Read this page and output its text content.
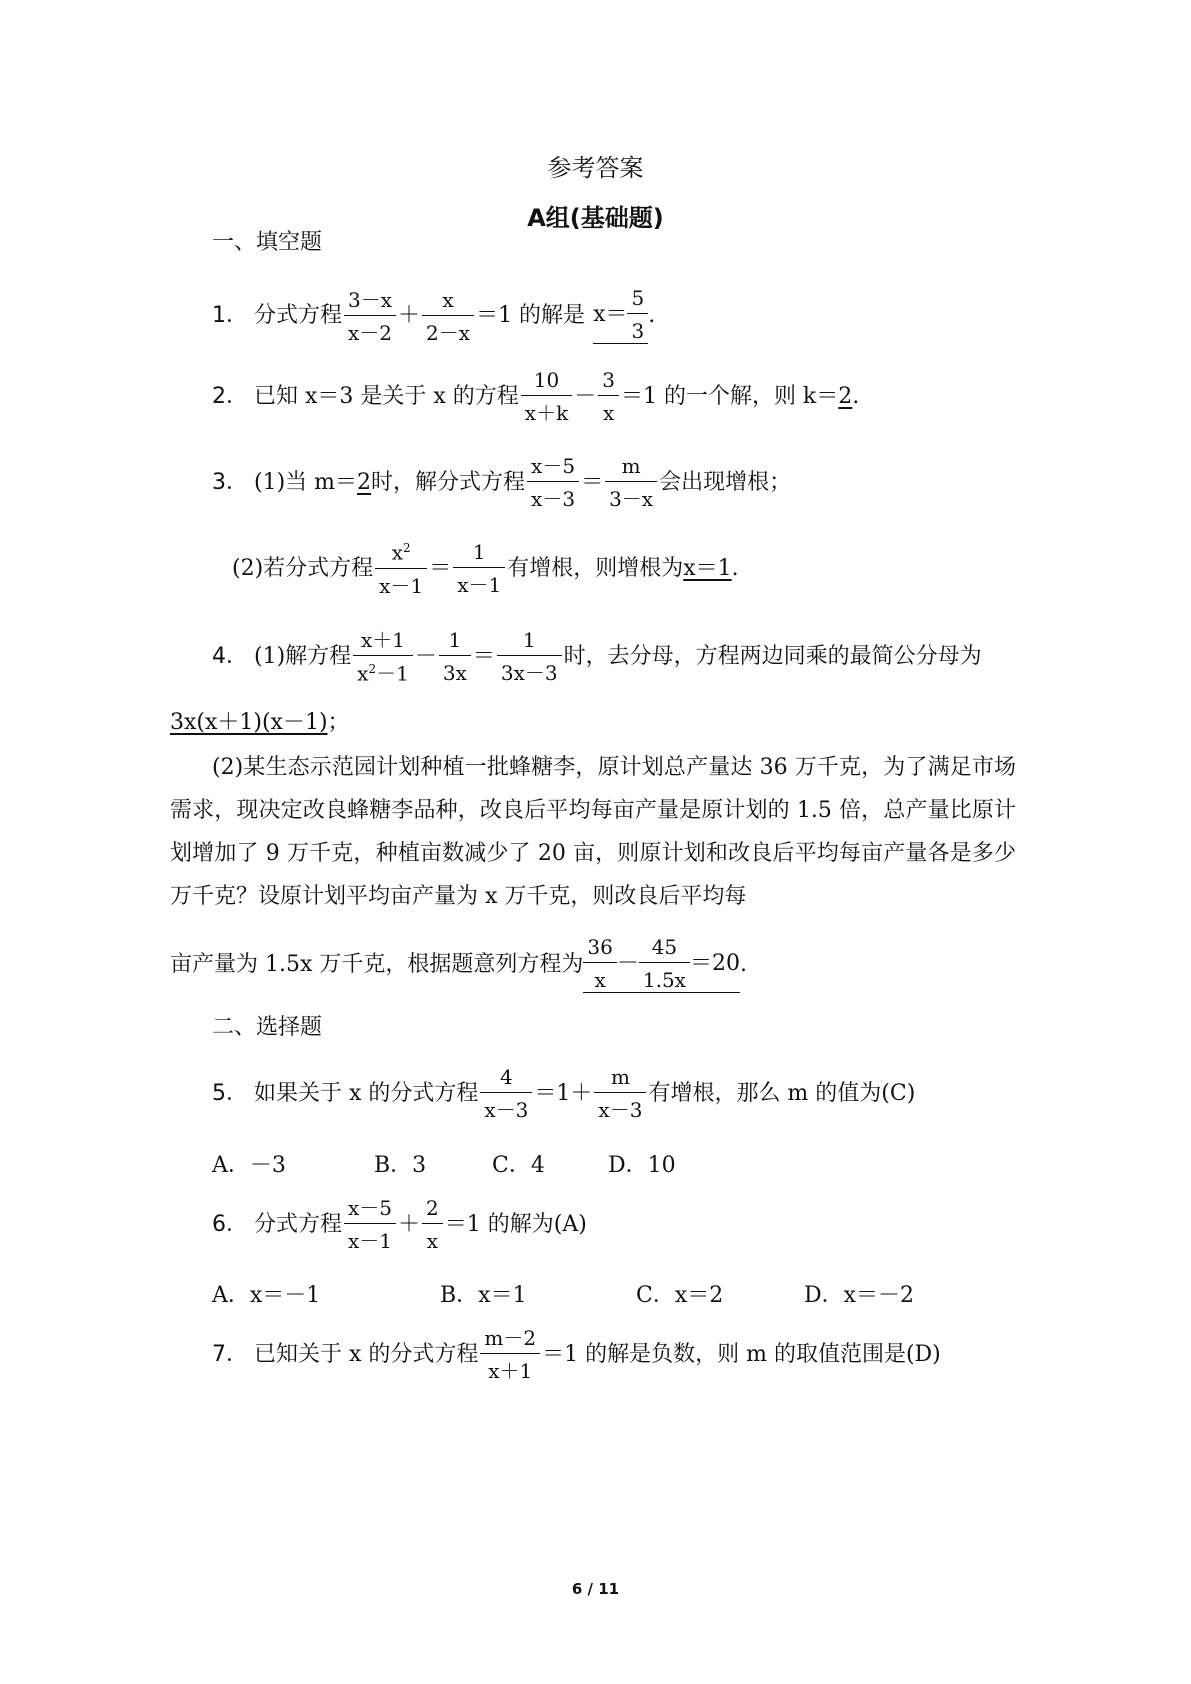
参考答案
A组(基础题)
一、填空题
1． 分式方程 $\frac{3-x}{x-2} + \frac{x}{2-x} =1$ 的解是 $x= \frac{5}{3}$ .
2． 已知 x＝3 是关于 x 的方程 $\frac{10}{x+k} - \frac{3}{x} =1$ 的一个解，则 k＝ 2 .
3． (1)当 m＝ 2 时，解分式方程 $\frac{x-5}{x-3} = \frac{m}{3-x}$ 会出现增根；
(2)若分式方程 $\frac{x^2}{x-1} = \frac{1}{x-1}$ 有增根，则增根为 x＝1 .
4． (1)解方程 $\frac{x+1}{x^2-1} - \frac{1}{3x} = \frac{1}{3x-3}$ 时，去分母，方程两边同乘的最简公分母为
3x(x＋1)(x－1) ；
(2)某生态示范园计划种植一批蜂糖李，原计划总产量达 36 万千克，为了满足市场需求，现决定改良蜂糖李品种，改良后平均每亩产量是原计划的 1.5 倍，总产量比原计划增加了 9 万千克，种植亩数减少了 20 亩，则原计划和改良后平均每亩产量各是多少万千克？设原计划平均亩产量为 x 万千克，则改良后平均每
亩产量为 1.5x 万千克，根据题意列方程为 $\frac{36}{x} - \frac{45}{1.5x} =20$ .
二、选择题
5． 如果关于 x 的分式方程 $\frac{4}{x-3} =1+ \frac{m}{x-3}$ 有增根，那么 m 的值为(C)
A．－3	B．3	C．4	D．10
6． 分式方程 $\frac{x-5}{x-1} + \frac{2}{x} =1$ 的解为(A)
A．x＝－1	B．x＝1	C．x＝2	D．x＝－2
7． 已知关于 x 的分式方程 $\frac{m-2}{x+1} =1$ 的解是负数，则 m 的取值范围是(D)
6 / 11
